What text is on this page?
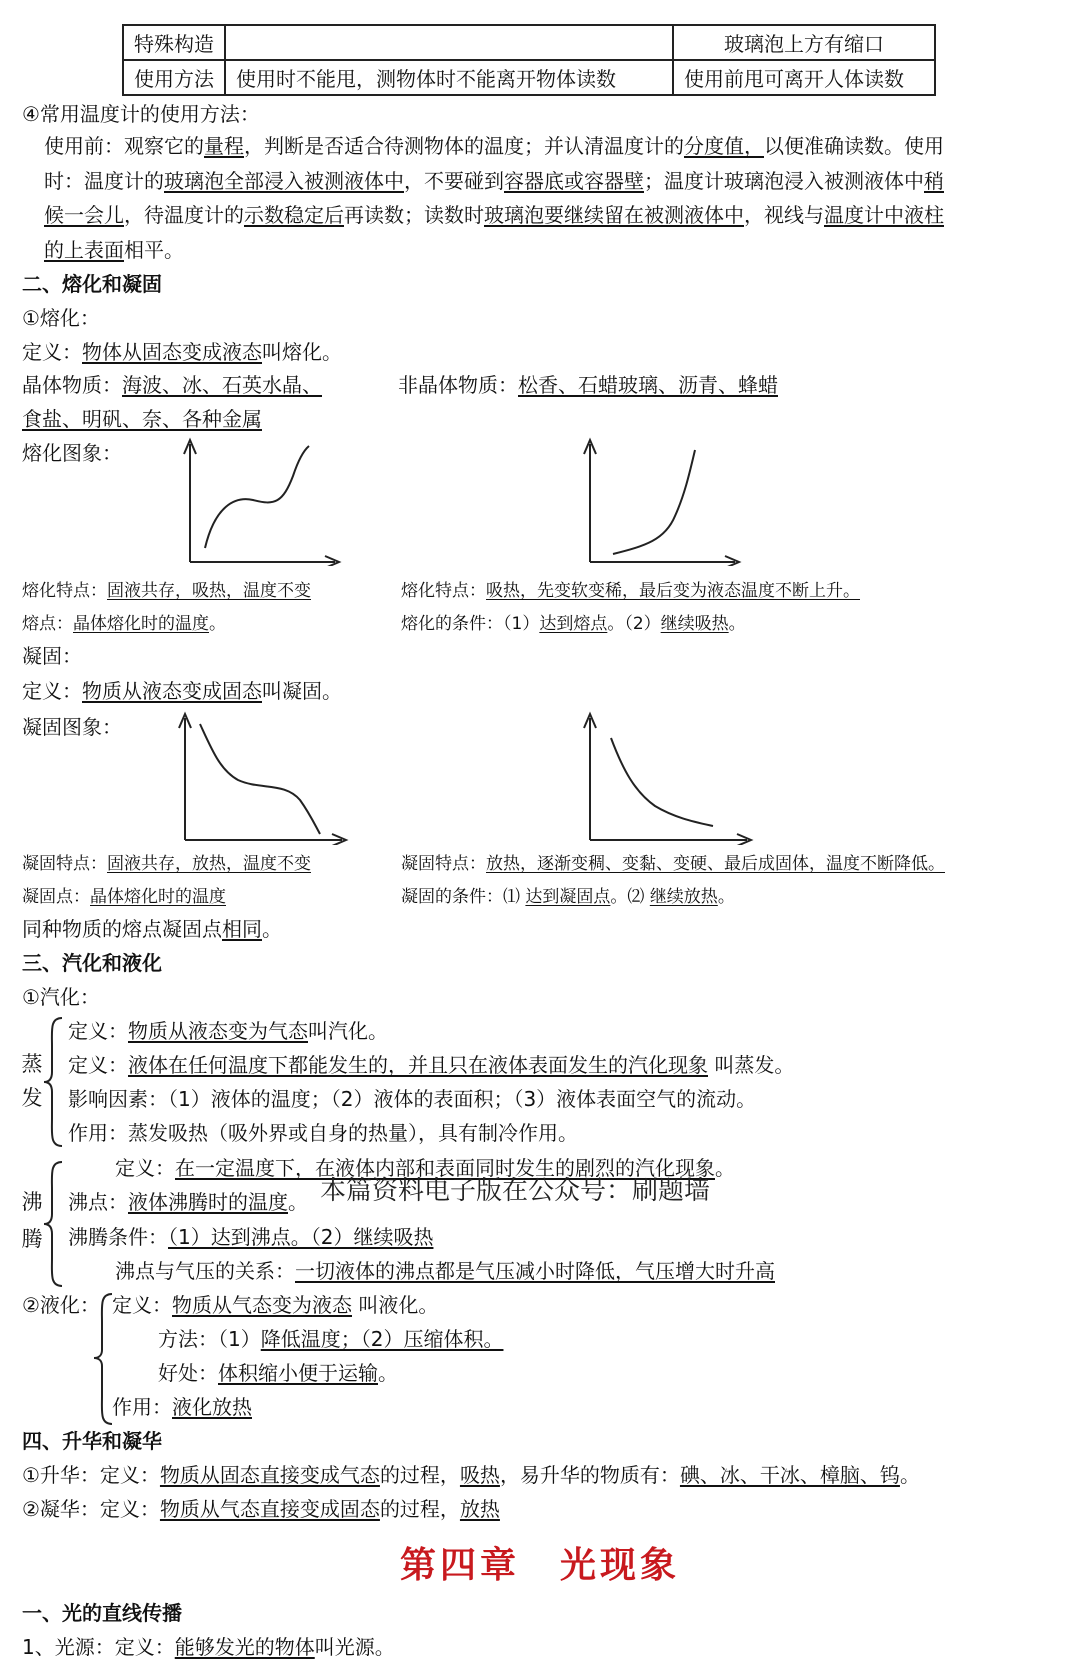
特殊构造		玻璃泡上方有缩口
使用方法	使用时不能甩，测物体时不能离开物体读数	使用前甩可离开人体读数
④常用温度计的使用方法：
使用前：观察它的量程，判断是否适合待测物体的温度；并认清温度计的分度值，以便准确读数。使用
时：温度计的玻璃泡全部浸入被测液体中，不要碰到容器底或容器壁；温度计玻璃泡浸入被测液体中稍
候一会儿，待温度计的示数稳定后再读数；读数时玻璃泡要继续留在被测液体中，视线与温度计中液柱
的上表面相平。
二、熔化和凝固
①熔化：
定义：物体从固态变成液态叫熔化。
晶体物质：海波、冰、石英水晶、	非晶体物质：松香、石蜡玻璃、沥青、蜂蜡
食盐、明矾、奈、各种金属
熔化图象：
熔化特点：固液共存，吸热，温度不变	熔化特点：吸热，先变软变稀，最后变为液态温度不断上升。
熔点：晶体熔化时的温度。	熔化的条件：（1）达到熔点。（2）继续吸热。
凝固：
定义：物质从液态变成固态叫凝固。
凝固图象：
凝固特点：固液共存，放热，温度不变	凝固特点：放热，逐渐变稠、变黏、变硬、最后成固体，温度不断降低。
凝固点：晶体熔化时的温度	凝固的条件：⑴ 达到凝固点。⑵ 继续放热。
同种物质的熔点凝固点相同。
三、汽化和液化
①汽化：
蒸
发
定义：物质从液态变为气态叫汽化。
定义：液体在任何温度下都能发生的，并且只在液体表面发生的汽化现象 叫蒸发。
影响因素：（1）液体的温度；（2）液体的表面积；（3）液体表面空气的流动。
作用：蒸发吸热（吸外界或自身的热量），具有制冷作用。
沸
腾
定义：在一定温度下，在液体内部和表面同时发生的剧烈的汽化现象。
本篇资料电子版在公众号：刷题墙
沸点：液体沸腾时的温度。
沸腾条件：（1）达到沸点。（2）继续吸热
沸点与气压的关系：一切液体的沸点都是气压减小时降低，气压增大时升高
②液化： 定义：物质从气态变为液态 叫液化。
方法：（1）降低温度；（2）压缩体积。
好处：体积缩小便于运输。
作用：液化放热
四、升华和凝华
①升华：定义：物质从固态直接变成气态的过程，吸热，易升华的物质有：碘、冰、干冰、樟脑、钨。
②凝华：定义：物质从气态直接变成固态的过程，放热
第四章　光现象
一、光的直线传播
1、光源：定义：能够发光的物体叫光源。
